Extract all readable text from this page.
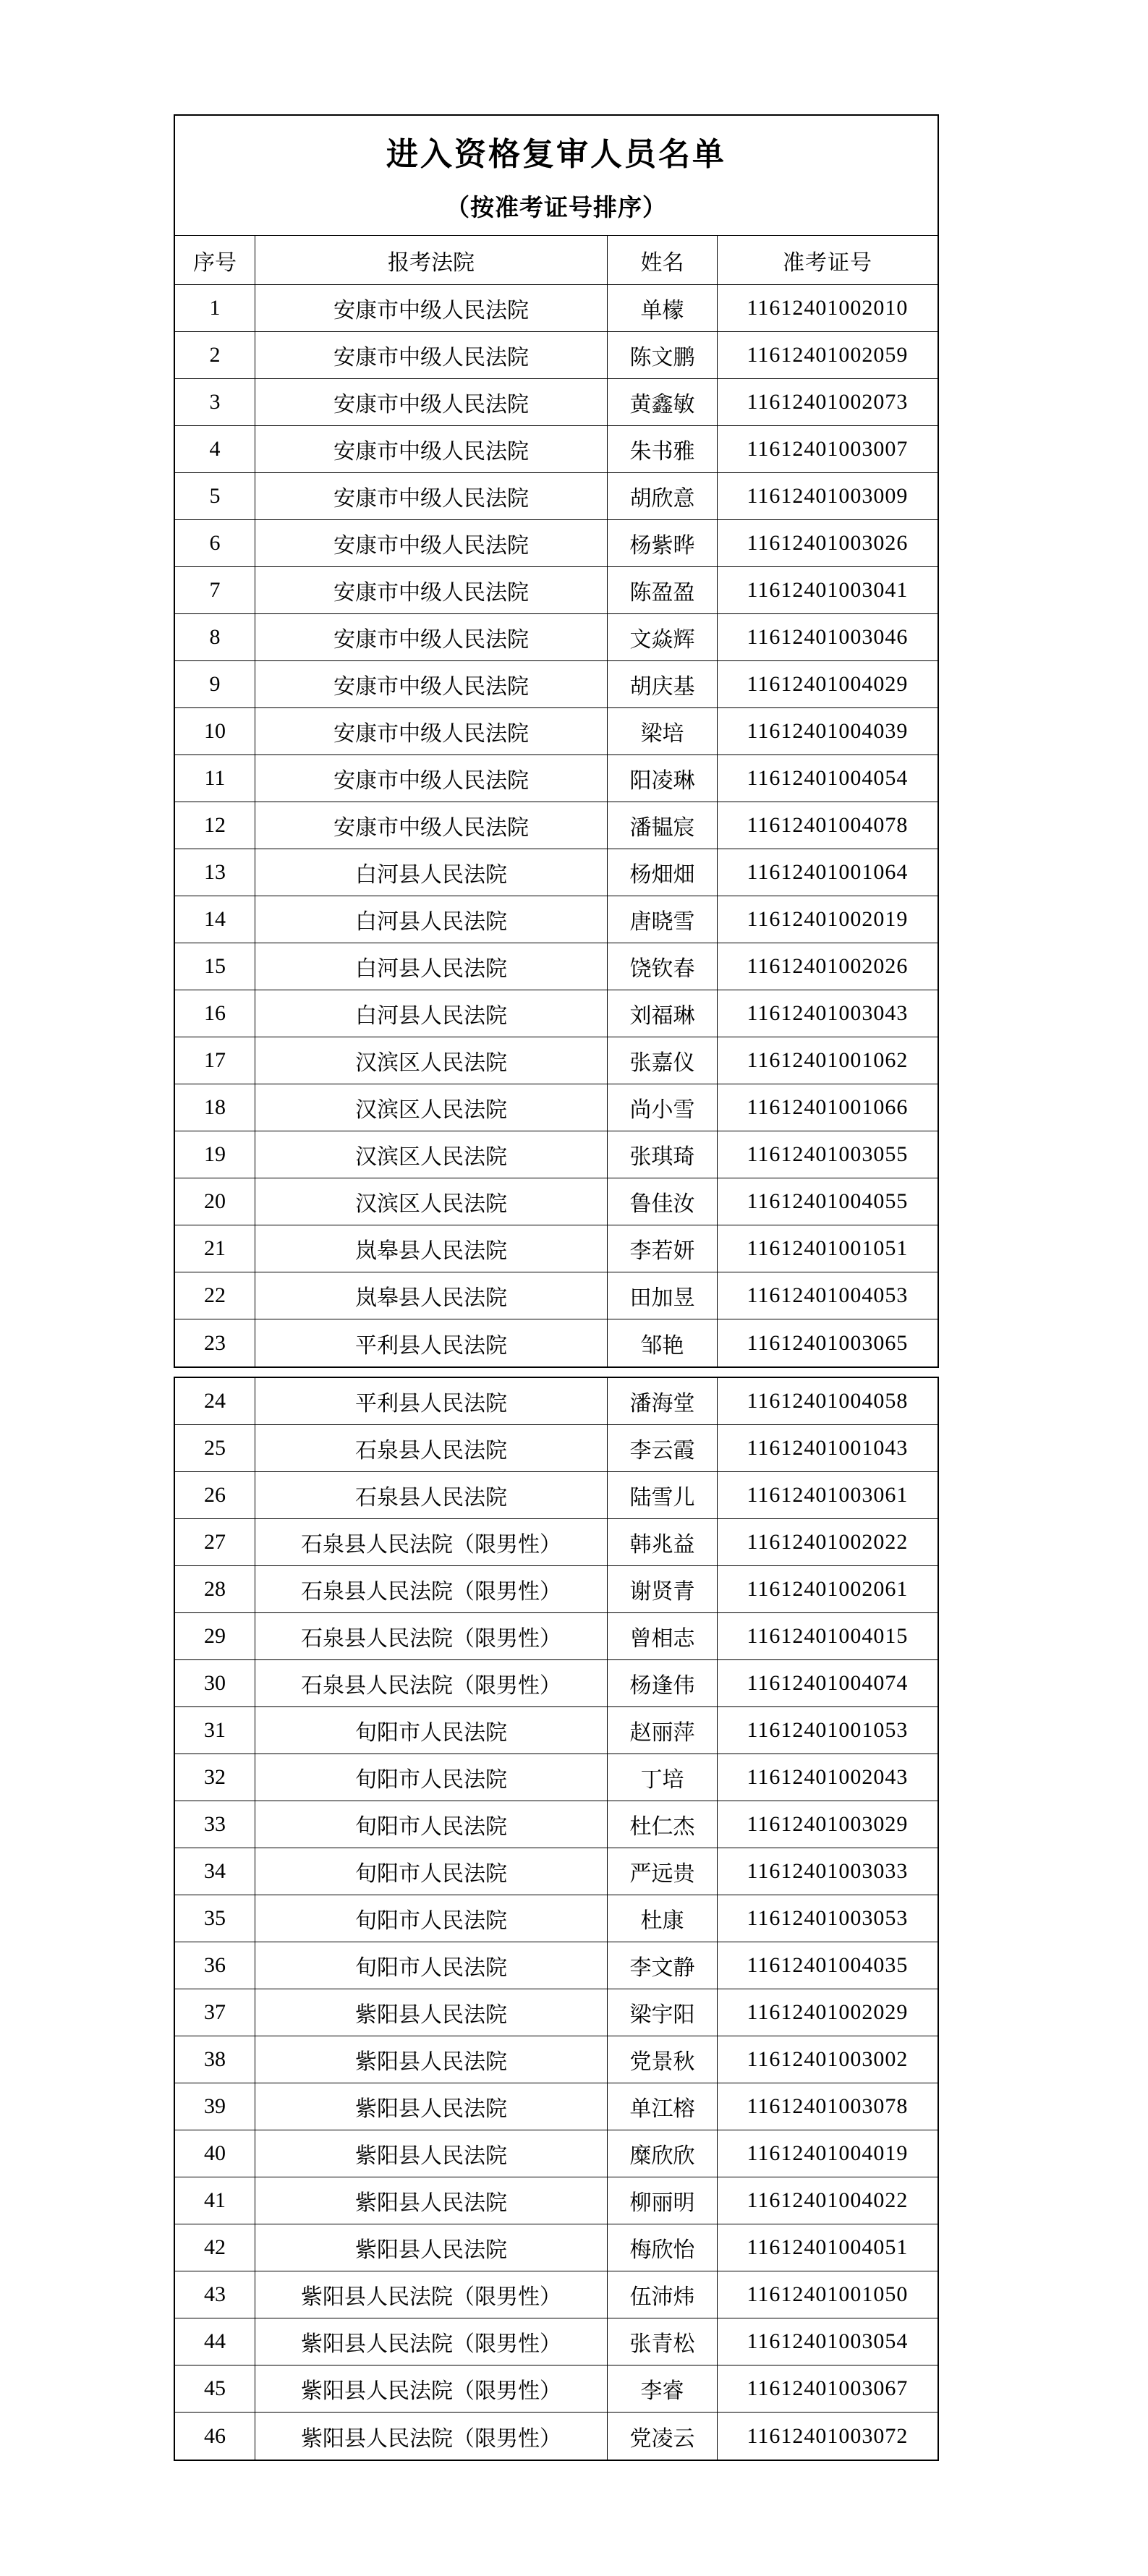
进入资格复审人员名单
（按准考证号排序）
序号	报考法院	姓名	准考证号
1	安康市中级人民法院	单檬	11612401002010
2	安康市中级人民法院	陈文鹏	11612401002059
3	安康市中级人民法院	黄鑫敏	11612401002073
4	安康市中级人民法院	朱书雅	11612401003007
5	安康市中级人民法院	胡欣意	11612401003009
6	安康市中级人民法院	杨紫晔	11612401003026
7	安康市中级人民法院	陈盈盈	11612401003041
8	安康市中级人民法院	文焱辉	11612401003046
9	安康市中级人民法院	胡庆基	11612401004029
10	安康市中级人民法院	梁培	11612401004039
11	安康市中级人民法院	阳凌琳	11612401004054
12	安康市中级人民法院	潘韫宸	11612401004078
13	白河县人民法院	杨畑畑	11612401001064
14	白河县人民法院	唐晓雪	11612401002019
15	白河县人民法院	饶钦春	11612401002026
16	白河县人民法院	刘福琳	11612401003043
17	汉滨区人民法院	张嘉仪	11612401001062
18	汉滨区人民法院	尚小雪	11612401001066
19	汉滨区人民法院	张琪琦	11612401003055
20	汉滨区人民法院	鲁佳汝	11612401004055
21	岚皋县人民法院	李若妍	11612401001051
22	岚皋县人民法院	田加昱	11612401004053
23	平利县人民法院	邹艳	11612401003065
24	平利县人民法院	潘海堂	11612401004058
25	石泉县人民法院	李云霞	11612401001043
26	石泉县人民法院	陆雪儿	11612401003061
27	石泉县人民法院（限男性）	韩兆益	11612401002022
28	石泉县人民法院（限男性）	谢贤青	11612401002061
29	石泉县人民法院（限男性）	曾相志	11612401004015
30	石泉县人民法院（限男性）	杨逢伟	11612401004074
31	旬阳市人民法院	赵丽萍	11612401001053
32	旬阳市人民法院	丁培	11612401002043
33	旬阳市人民法院	杜仁杰	11612401003029
34	旬阳市人民法院	严远贵	11612401003033
35	旬阳市人民法院	杜康	11612401003053
36	旬阳市人民法院	李文静	11612401004035
37	紫阳县人民法院	梁宇阳	11612401002029
38	紫阳县人民法院	党景秋	11612401003002
39	紫阳县人民法院	单江榕	11612401003078
40	紫阳县人民法院	糜欣欣	11612401004019
41	紫阳县人民法院	柳丽明	11612401004022
42	紫阳县人民法院	梅欣怡	11612401004051
43	紫阳县人民法院（限男性）	伍沛炜	11612401001050
44	紫阳县人民法院（限男性）	张青松	11612401003054
45	紫阳县人民法院（限男性）	李睿	11612401003067
46	紫阳县人民法院（限男性）	党凌云	11612401003072
